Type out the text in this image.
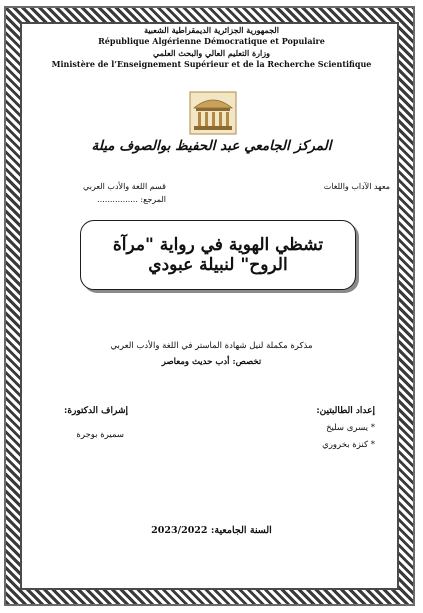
الجمهورية الجزائرية الديمقراطية الشعبية
République Algérienne Démocratique et Populaire
وزارة التعليم العالي والبحث العلمي
Ministère de l’Enseignement Supérieur et de la Recherche Scientifique
المركز الجامعي عبد الحفيظ بوالصوف ميلة
معهد الآداب واللغات
قسم اللغة والأدب العربي
المرجع: ................
تشظي الهوية في رواية "مرآة الروح" لنبيلة عبودي
مذكرة مكملة لنيل شهادة الماستر في اللغة والأدب العربي
تخصص: أدب حديث ومعاصر
إعداد الطالبتين:
إشراف الدكتورة:
* يسرى سليخ
* كنزة بخروري
سميرة بوجرة
السنة الجامعية: 2023/2022
